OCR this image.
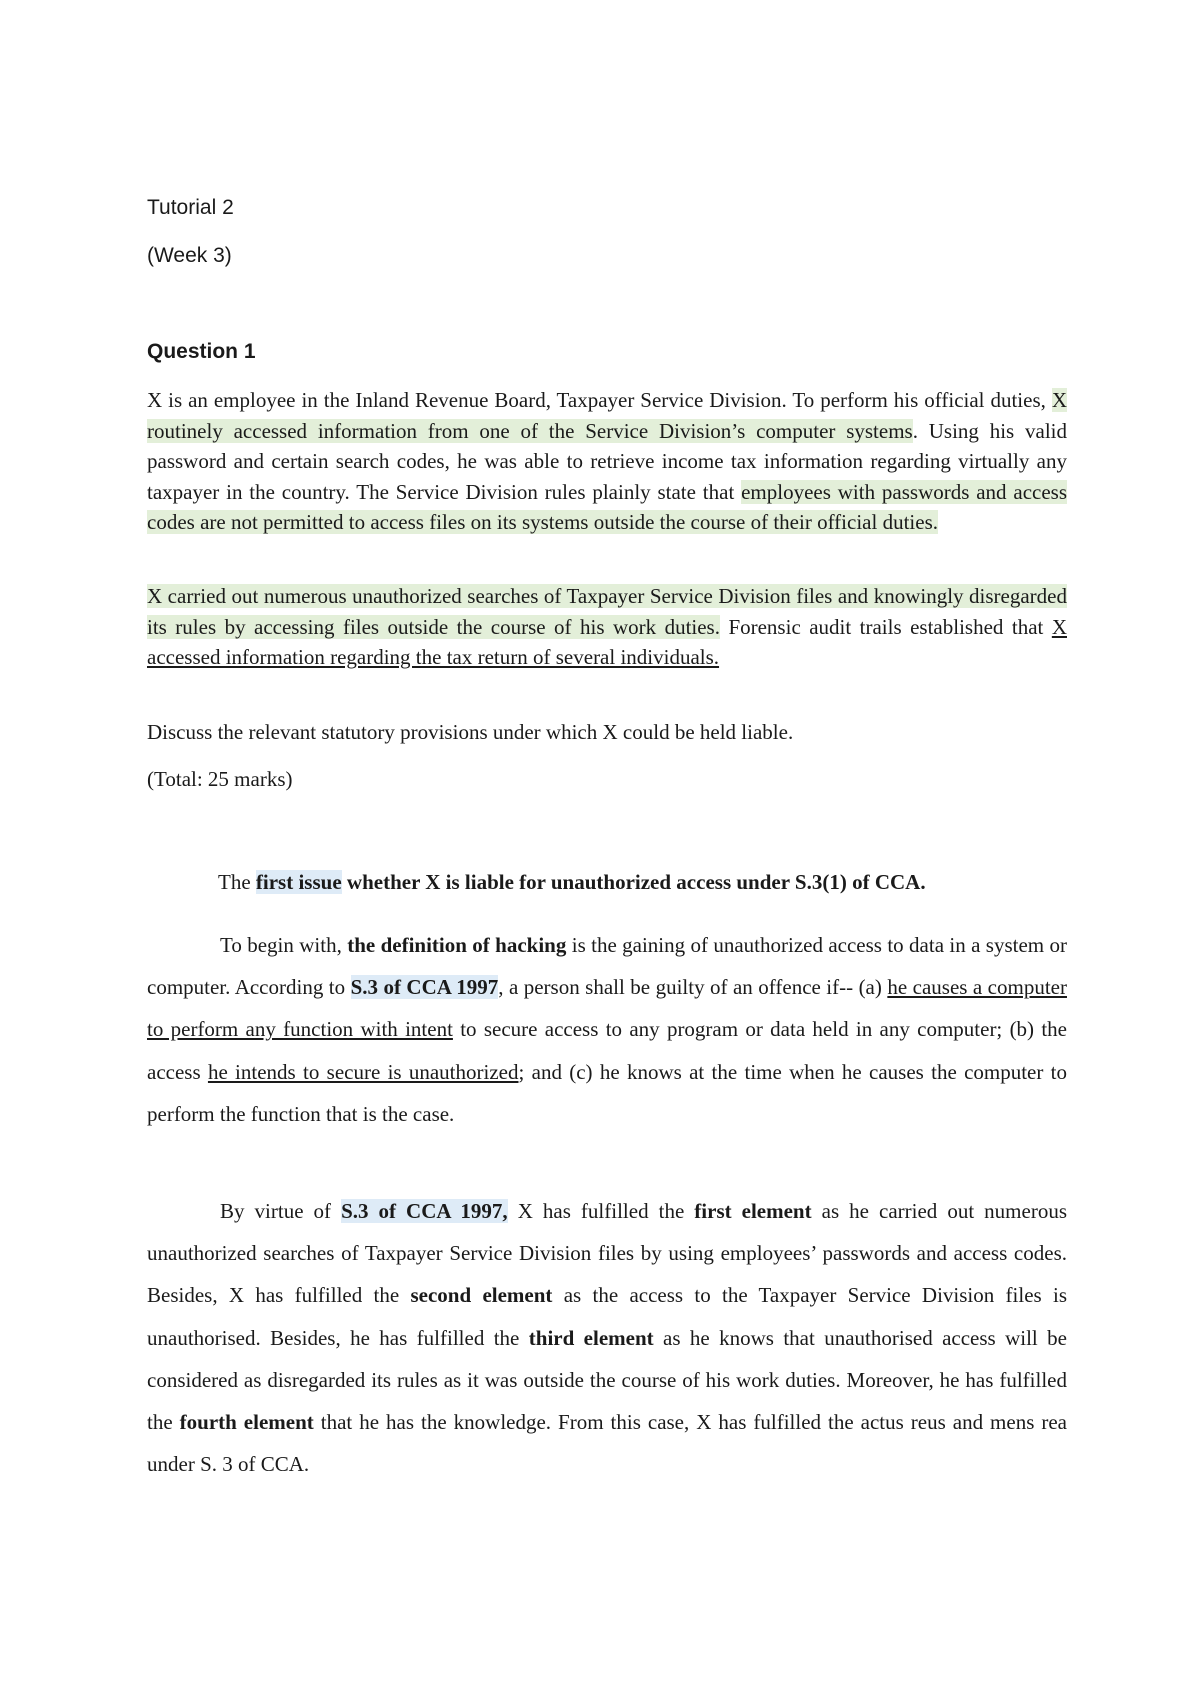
Tutorial 2

(Week 3)

Question 1

X is an employee in the Inland Revenue Board, Taxpayer Service Division. To perform his official duties, X routinely accessed information from one of the Service Division’s computer systems. Using his valid password and certain search codes, he was able to retrieve income tax information regarding virtually any taxpayer in the country. The Service Division rules plainly state that employees with passwords and access codes are not permitted to access files on its systems outside the course of their official duties.

X carried out numerous unauthorized searches of Taxpayer Service Division files and knowingly disregarded its rules by accessing files outside the course of his work duties. Forensic audit trails established that X accessed information regarding the tax return of several individuals.

Discuss the relevant statutory provisions under which X could be held liable.

(Total: 25 marks)

The first issue whether X is liable for unauthorized access under S.3(1) of CCA.

To begin with, the definition of hacking is the gaining of unauthorized access to data in a system or computer. According to S.3 of CCA 1997, a person shall be guilty of an offence if-- (a) he causes a computer to perform any function with intent to secure access to any program or data held in any computer; (b) the access he intends to secure is unauthorized; and (c) he knows at the time when he causes the computer to perform the function that is the case.

By virtue of S.3 of CCA 1997, X has fulfilled the first element as he carried out numerous unauthorized searches of Taxpayer Service Division files by using employees’ passwords and access codes. Besides, X has fulfilled the second element as the access to the Taxpayer Service Division files is unauthorised. Besides, he has fulfilled the third element as he knows that unauthorised access will be considered as disregarded its rules as it was outside the course of his work duties. Moreover, he has fulfilled the fourth element that he has the knowledge. From this case, X has fulfilled the actus reus and mens rea under S. 3 of CCA.
